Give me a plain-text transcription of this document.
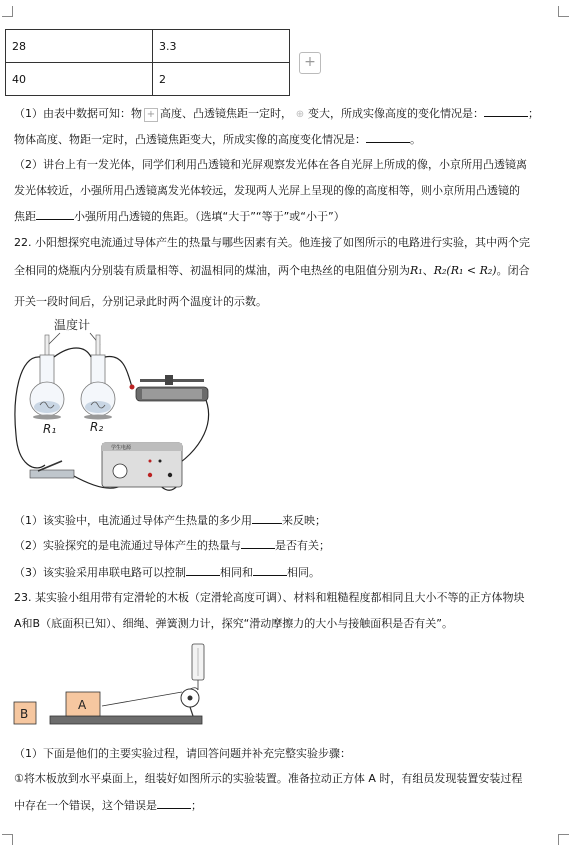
28	3.3
40	2
+
（1）由表中数据可知：物 + 高度、凸透镜焦距一定时， ⊕ 变大，所成实像高度的变化情况是：	；
物体高度、物距一定时，凸透镜焦距变大，所成实像的高度变化情况是：	。
（2）讲台上有一发光体，同学们利用凸透镜和光屏观察发光体在各自光屏上所成的像，小京所用凸透镜离
发光体较近，小强所用凸透镜离发光体较远，发现两人光屏上呈现的像的高度相等，则小京所用凸透镜的
焦距	小强所用凸透镜的焦距。（选填“大于”“等于”或“小于”）
22. 小阳想探究电流通过导体产生的热量与哪些因素有关。他连接了如图所示的电路进行实验，其中两个完
全相同的烧瓶内分别装有质量相等、初温相同的煤油，两个电热丝的电阻值分别为R₁、R₂(R₁ < R₂)。闭合
开关一段时间后，分别记录此时两个温度计的示数。
温度计
R₁	R₂
学生电源
（1）该实验中，电流通过导体产生热量的多少用	来反映；
（2）实验探究的是电流通过导体产生的热量与	是否有关；
（3）该实验采用串联电路可以控制	相同和	相同。
23. 某实验小组用带有定滑轮的木板（定滑轮高度可调）、材料和粗糙程度都相同且大小不等的正方体物块
A和B（底面积已知）、细绳、弹簧测力计，探究“滑动摩擦力的大小与接触面积是否有关”。
A
B
（1）下面是他们的主要实验过程，请回答问题并补充完整实验步骤：
①将木板放到水平桌面上，组装好如图所示的实验装置。准备拉动正方体 A 时，有组员发现装置安装过程
中存在一个错误，这个错误是	；
